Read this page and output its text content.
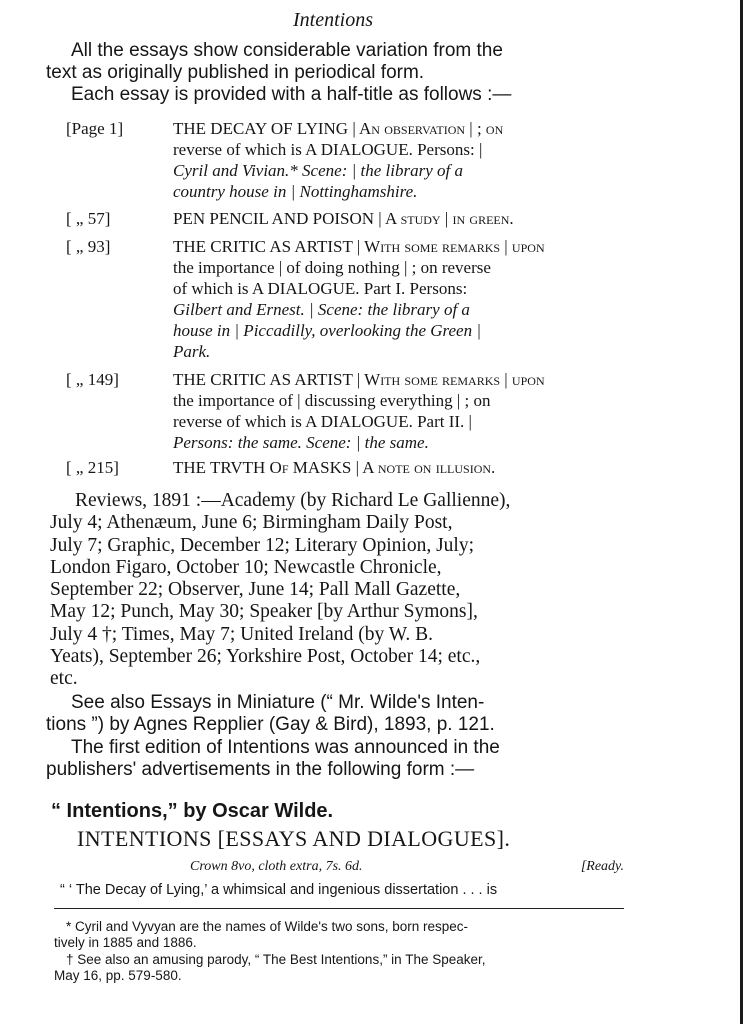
Intentions
All the essays show considerable variation from the
text as originally published in periodical form.
Each essay is provided with a half-title as follows :—
[Page 1]	THE DECAY OF LYING | An observation | ; on
reverse of which is A DIALOGUE. Persons: |
Cyril and Vivian.* Scene: | the library of a
country house in | Nottinghamshire.
[ „ 57]	PEN PENCIL AND POISON | A study | in green.
[ „ 93]	THE CRITIC AS ARTIST | With some remarks | upon
the importance | of doing nothing | ; on reverse
of which is A DIALOGUE. Part I. Persons:
Gilbert and Ernest. | Scene: the library of a
house in | Piccadilly, overlooking the Green |
Park.
[ „ 149]	THE CRITIC AS ARTIST | With some remarks | upon
the importance of | discussing everything | ; on
reverse of which is A DIALOGUE. Part II. |
Persons: the same. Scene: | the same.
[ „ 215]	THE TRVTH Of MASKS | A note on illusion.
Reviews, 1891 :—Academy (by Richard Le Gallienne),
July 4; Athenæum, June 6; Birmingham Daily Post,
July 7; Graphic, December 12; Literary Opinion, July;
London Figaro, October 10; Newcastle Chronicle,
September 22; Observer, June 14; Pall Mall Gazette,
May 12; Punch, May 30; Speaker [by Arthur Symons],
July 4 †; Times, May 7; United Ireland (by W. B.
Yeats), September 26; Yorkshire Post, October 14; etc.,
etc.
See also Essays in Miniature (“ Mr. Wilde's Inten-
tions ”) by Agnes Repplier (Gay & Bird), 1893, p. 121.
The first edition of Intentions was announced in the
publishers' advertisements in the following form :—
“ Intentions,” by Oscar Wilde.
INTENTIONS [ESSAYS AND DIALOGUES].
Crown 8vo, cloth extra, 7s. 6d.	[Ready.
“ ‘ The Decay of Lying,’ a whimsical and ingenious dissertation . . . is
* Cyril and Vyvyan are the names of Wilde's two sons, born respec-
tively in 1885 and 1886.
† See also an amusing parody, “ The Best Intentions,” in The Speaker,
May 16, pp. 579-580.
